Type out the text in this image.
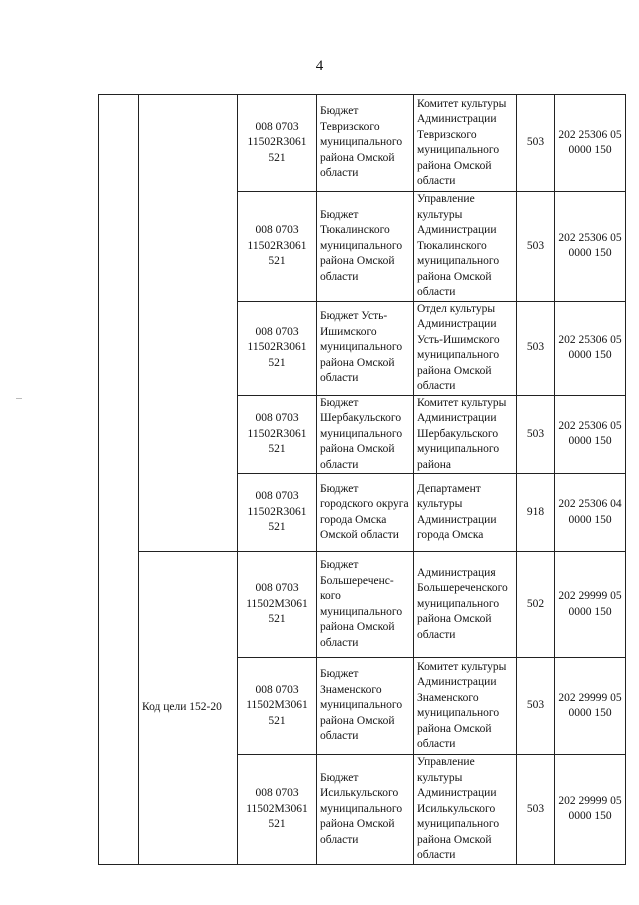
4
		008 0703 11502R3061 521	Бюджет Тевризского муниципального района Омской области	Комитет культуры Администрации Тевризского муниципального района Омской области	503	202 25306 05 0000 150
		008 0703 11502R3061 521	Бюджет Тюкалинского муниципального района Омской области	Управление культуры Администрации Тюкалинского муниципального района Омской области	503	202 25306 05 0000 150
		008 0703 11502R3061 521	Бюджет Усть-Ишимского муниципального района Омской области	Отдел культуры Администрации Усть-Ишимского муниципального района Омской области	503	202 25306 05 0000 150
		008 0703 11502R3061 521	Бюджет Шербакульского муниципального района Омской области	Комитет культуры Администрации Шербакульского муниципального района	503	202 25306 05 0000 150
		008 0703 11502R3061 521	Бюджет городского округа города Омска Омской области	Департамент культуры Администрации города Омска	918	202 25306 04 0000 150
	Код цели 152-20	008 0703 11502M3061 521	Бюджет Большереченс-кого муниципального района Омской области	Администрация Большереченского муниципального района Омской области	502	202 29999 05 0000 150
		008 0703 11502M3061 521	Бюджет Знаменского муниципального района Омской области	Комитет культуры Администрации Знаменского муниципального района Омской области	503	202 29999 05 0000 150
		008 0703 11502M3061 521	Бюджет Исилькульского муниципального района Омской области	Управление культуры Администрации Исилькульского муниципального района Омской области	503	202 29999 05 0000 150
